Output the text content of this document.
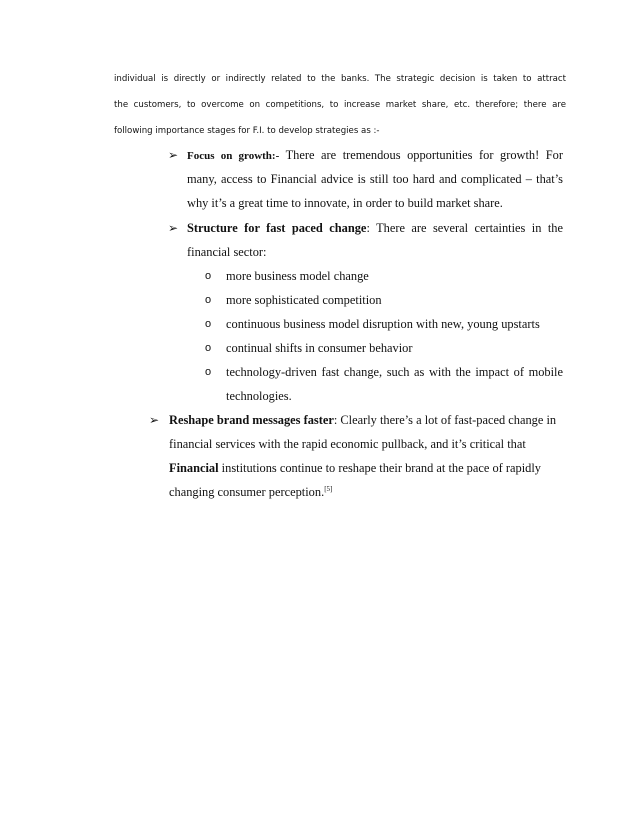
individual is directly or indirectly related to the banks. The strategic decision is taken to attract
the customers, to overcome on competitions, to increase market share, etc. therefore; there are
following importance stages for F.I. to develop strategies as :-
➢ Focus on growth:- There are tremendous opportunities for growth! For
many, access to Financial advice is still too hard and complicated – that’s
why it’s a great time to innovate, in order to build market share.
➢ Structure for fast paced change: There are several certainties in the
financial sector:
o more business model change
o more sophisticated competition
o continuous business model disruption with new, young upstarts
o continual shifts in consumer behavior
o technology-driven fast change, such as with the impact of mobile
technologies.
➢ Reshape brand messages faster: Clearly there’s a lot of fast-paced change in
financial services with the rapid economic pullback, and it’s critical that
Financial institutions continue to reshape their brand at the pace of rapidly
changing consumer perception.[5]
